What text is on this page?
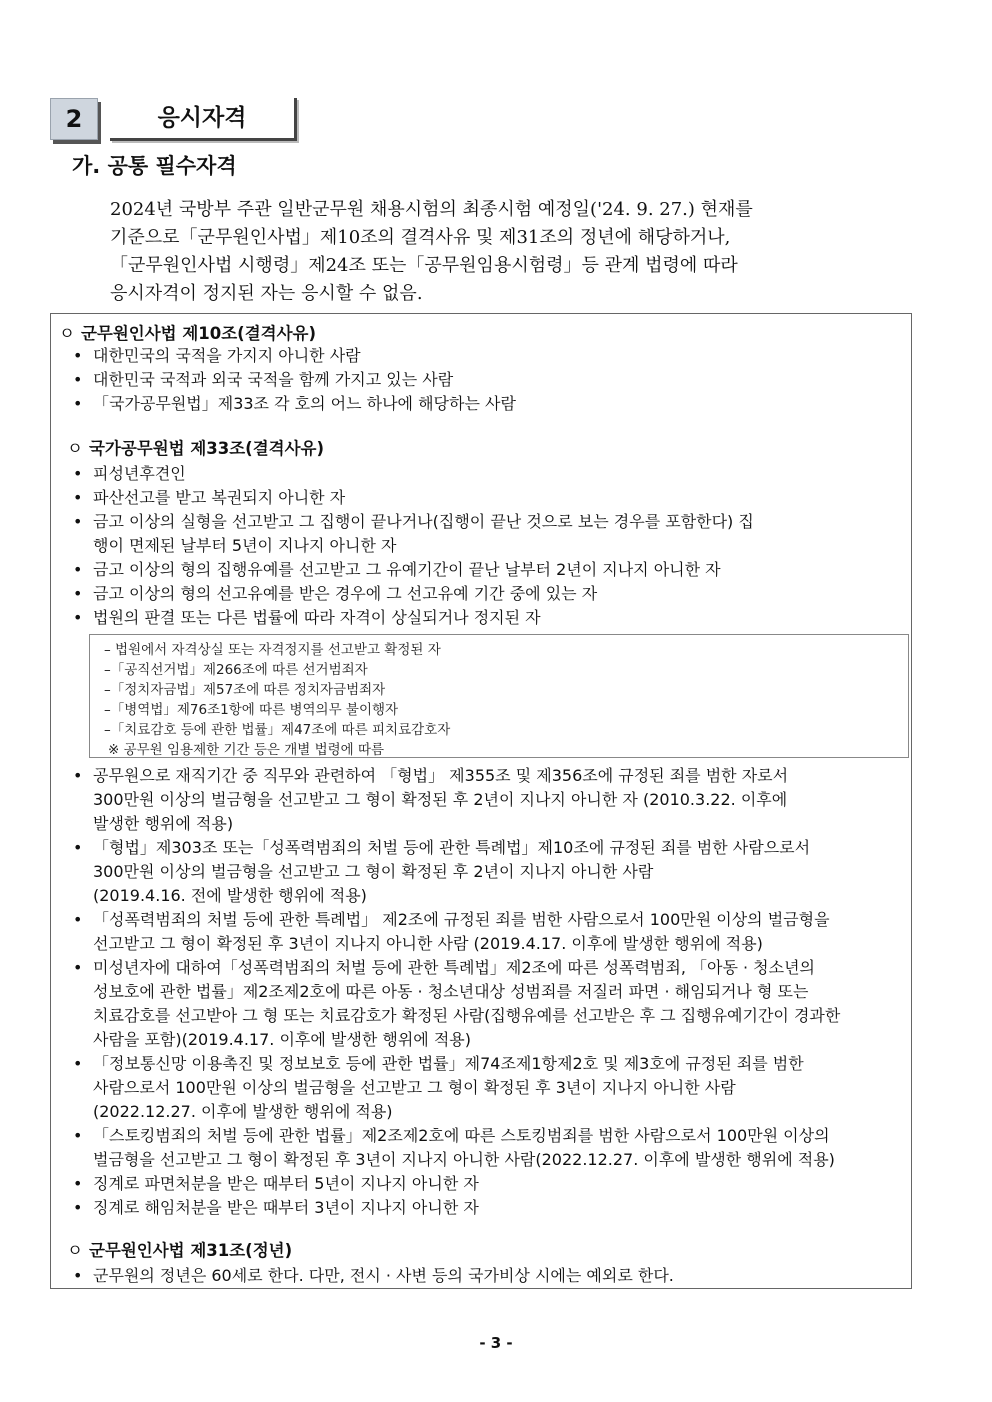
2	응시자격
가. 공통 필수자격
2024년 국방부 주관 일반군무원 채용시험의 최종시험 예정일('24. 9. 27.) 현재를
기준으로「군무원인사법」제10조의 결격사유 및 제31조의 정년에 해당하거나,
「군무원인사법 시행령」제24조 또는「공무원임용시험령」등 관계 법령에 따라
응시자격이 정지된 자는 응시할 수 없음.
ㅇ 군무원인사법 제10조(결격사유)
• 대한민국의 국적을 가지지 아니한 사람
• 대한민국 국적과 외국 국적을 함께 가지고 있는 사람
• 「국가공무원법」제33조 각 호의 어느 하나에 해당하는 사람
ㅇ 국가공무원법 제33조(결격사유)
• 피성년후견인
• 파산선고를 받고 복권되지 아니한 자
• 금고 이상의 실형을 선고받고 그 집행이 끝나거나(집행이 끝난 것으로 보는 경우를 포함한다) 집
행이 면제된 날부터 5년이 지나지 아니한 자
• 금고 이상의 형의 집행유예를 선고받고 그 유예기간이 끝난 날부터 2년이 지나지 아니한 자
• 금고 이상의 형의 선고유예를 받은 경우에 그 선고유예 기간 중에 있는 자
• 법원의 판결 또는 다른 법률에 따라 자격이 상실되거나 정지된 자
– 법원에서 자격상실 또는 자격정지를 선고받고 확정된 자
–「공직선거법」제266조에 따른 선거범죄자
–「정치자금법」제57조에 따른 정치자금범죄자
–「병역법」제76조1항에 따른 병역의무 불이행자
–「치료감호 등에 관한 법률」제47조에 따른 피치료감호자
※ 공무원 임용제한 기간 등은 개별 법령에 따름
• 공무원으로 재직기간 중 직무와 관련하여 「형법」 제355조 및 제356조에 규정된 죄를 범한 자로서
300만원 이상의 벌금형을 선고받고 그 형이 확정된 후 2년이 지나지 아니한 자 (2010.3.22. 이후에
발생한 행위에 적용)
• 「형법」제303조 또는「성폭력범죄의 처벌 등에 관한 특례법」제10조에 규정된 죄를 범한 사람으로서
300만원 이상의 벌금형을 선고받고 그 형이 확정된 후 2년이 지나지 아니한 사람
(2019.4.16. 전에 발생한 행위에 적용)
• 「성폭력범죄의 처벌 등에 관한 특례법」 제2조에 규정된 죄를 범한 사람으로서 100만원 이상의 벌금형을
선고받고 그 형이 확정된 후 3년이 지나지 아니한 사람 (2019.4.17. 이후에 발생한 행위에 적용)
• 미성년자에 대하여「성폭력범죄의 처벌 등에 관한 특례법」제2조에 따른 성폭력범죄, 「아동 · 청소년의
성보호에 관한 법률」제2조제2호에 따른 아동 · 청소년대상 성범죄를 저질러 파면 · 해임되거나 형 또는
치료감호를 선고받아 그 형 또는 치료감호가 확정된 사람(집행유예를 선고받은 후 그 집행유예기간이 경과한
사람을 포함)(2019.4.17. 이후에 발생한 행위에 적용)
• 「정보통신망 이용촉진 및 정보보호 등에 관한 법률」제74조제1항제2호 및 제3호에 규정된 죄를 범한
사람으로서 100만원 이상의 벌금형을 선고받고 그 형이 확정된 후 3년이 지나지 아니한 사람
(2022.12.27. 이후에 발생한 행위에 적용)
• 「스토킹범죄의 처벌 등에 관한 법률」제2조제2호에 따른 스토킹범죄를 범한 사람으로서 100만원 이상의
벌금형을 선고받고 그 형이 확정된 후 3년이 지나지 아니한 사람(2022.12.27. 이후에 발생한 행위에 적용)
• 징계로 파면처분을 받은 때부터 5년이 지나지 아니한 자
• 징계로 해임처분을 받은 때부터 3년이 지나지 아니한 자
ㅇ 군무원인사법 제31조(정년)
• 군무원의 정년은 60세로 한다. 다만, 전시 · 사변 등의 국가비상 시에는 예외로 한다.
- 3 -
